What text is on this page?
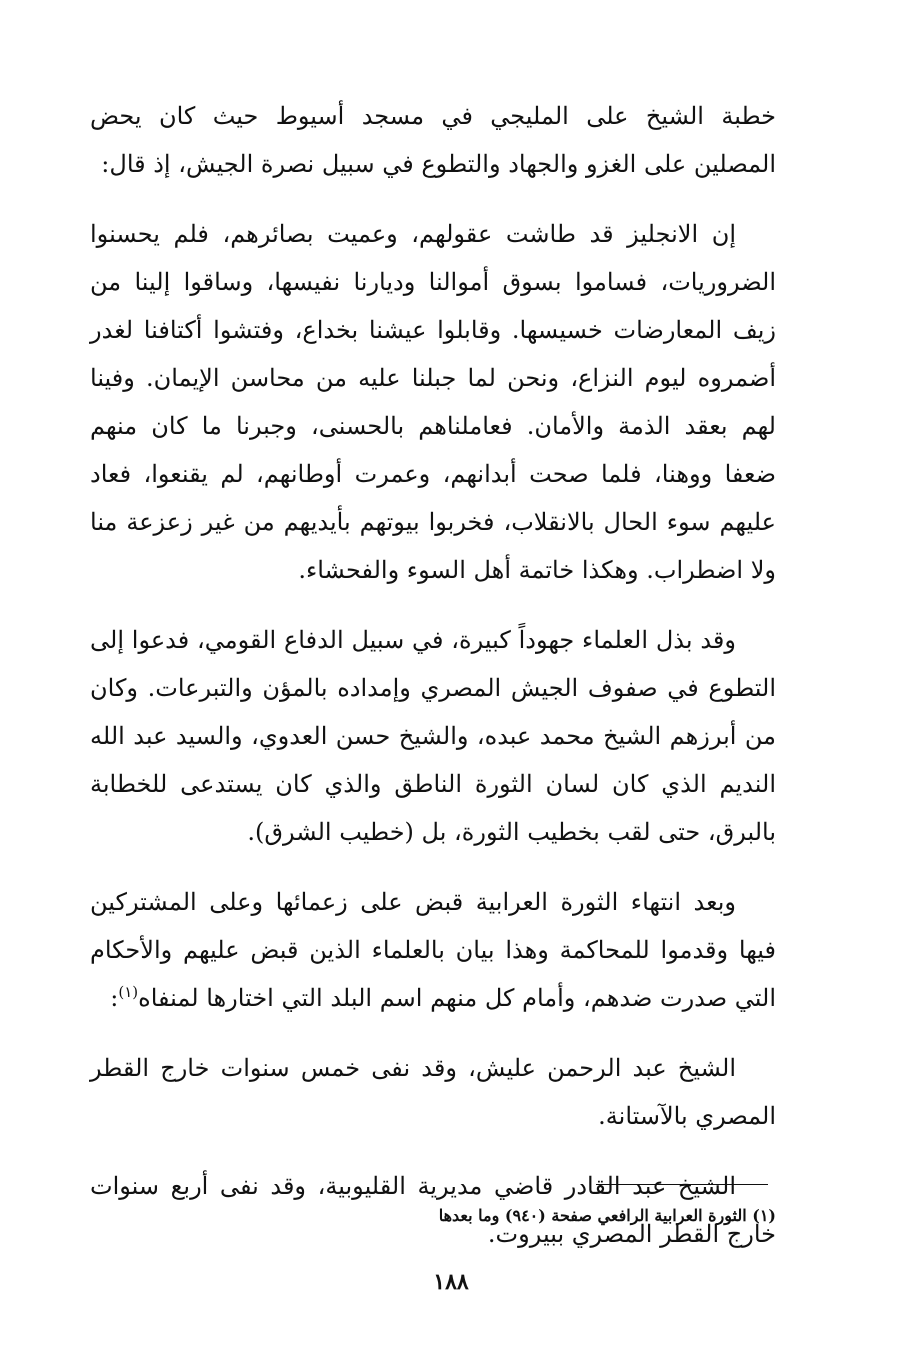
خطبة الشيخ على المليجي في مسجد أسيوط حيث كان يحض المصلين على الغزو والجهاد والتطوع في سبيل نصرة الجيش، إذ قال:

إن الانجليز قد طاشت عقولهم، وعميت بصائرهم، فلم يحسنوا الضروريات، فساموا بسوق أموالنا وديارنا نفيسها، وساقوا إلينا من زيف المعارضات خسيسها. وقابلوا عيشنا بخداع، وفتشوا أكتافنا لغدر أضمروه ليوم النزاع، ونحن لما جبلنا عليه من محاسن الإيمان. وفينا لهم بعقد الذمة والأمان. فعاملناهم بالحسنى، وجبرنا ما كان منهم ضعفا ووهنا، فلما صحت أبدانهم، وعمرت أوطانهم، لم يقنعوا، فعاد عليهم سوء الحال بالانقلاب، فخربوا بيوتهم بأيديهم من غير زعزعة منا ولا اضطراب. وهكذا خاتمة أهل السوء والفحشاء.

وقد بذل العلماء جهوداً كبيرة، في سبيل الدفاع القومي، فدعوا إلى التطوع في صفوف الجيش المصري وإمداده بالمؤن والتبرعات. وكان من أبرزهم الشيخ محمد عبده، والشيخ حسن العدوي، والسيد عبد الله النديم الذي كان لسان الثورة الناطق والذي كان يستدعى للخطابة بالبرق، حتى لقب بخطيب الثورة، بل (خطيب الشرق).

وبعد انتهاء الثورة العرابية قبض على زعمائها وعلى المشتركين فيها وقدموا للمحاكمة وهذا بيان بالعلماء الذين قبض عليهم والأحكام التي صدرت ضدهم، وأمام كل منهم اسم البلد التي اختارها لمنفاه$^{(١)}$:

الشيخ عبد الرحمن عليش، وقد نفى خمس سنوات خارج القطر المصري بالآستانة.

الشيخ عبد القادر قاضي مديرية القليوبية، وقد نفى أربع سنوات خارج القطر المصري ببيروت.

(١) الثورة العرابية الرافعي صفحة (٩٤٠) وما بعدها
١٨٨
